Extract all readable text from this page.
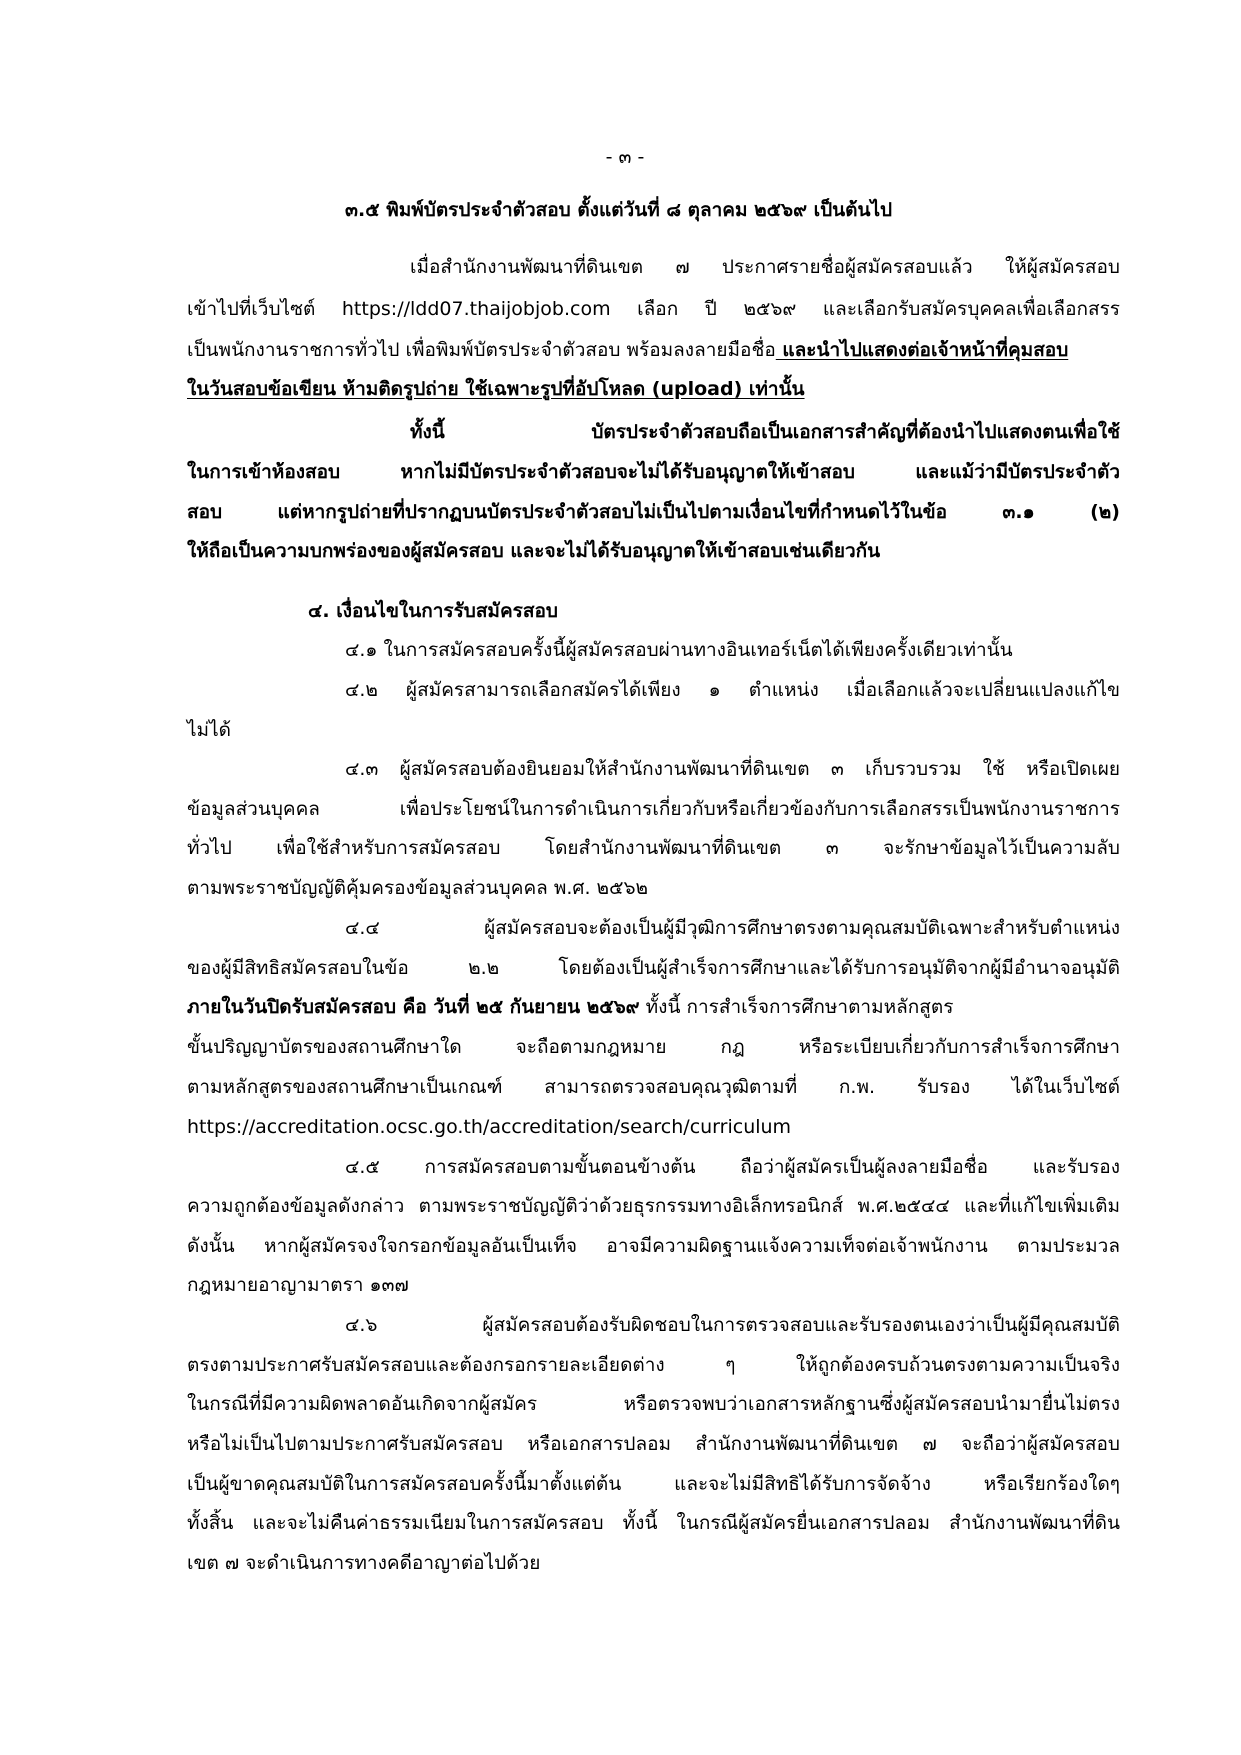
- ๓ -
๓.๕ พิมพ์บัตรประจำตัวสอบ ตั้งแต่วันที่ ๘ ตุลาคม ๒๕๖๙ เป็นต้นไป
เมื่อสำนักงานพัฒนาที่ดินเขต ๗ ประกาศรายชื่อผู้สมัครสอบแล้ว ให้ผู้สมัครสอบ
เข้าไปที่เว็บไซต์ https://ldd07.thaijobjob.com เลือก ปี ๒๕๖๙ และเลือกรับสมัครบุคคลเพื่อเลือกสรร
เป็นพนักงานราชการทั่วไป เพื่อพิมพ์บัตรประจำตัวสอบ พร้อมลงลายมือชื่อ และนำไปแสดงต่อเจ้าหน้าที่คุมสอบ
ในวันสอบข้อเขียน ห้ามติดรูปถ่าย ใช้เฉพาะรูปที่อัปโหลด (upload) เท่านั้น
ทั้งนี้ บัตรประจำตัวสอบถือเป็นเอกสารสำคัญที่ต้องนำไปแสดงตนเพื่อใช้
ในการเข้าห้องสอบ หากไม่มีบัตรประจำตัวสอบจะไม่ได้รับอนุญาตให้เข้าสอบ และแม้ว่ามีบัตรประจำตัว
สอบ แต่หากรูปถ่ายที่ปรากฏบนบัตรประจำตัวสอบไม่เป็นไปตามเงื่อนไขที่กำหนดไว้ในข้อ ๓.๑ (๒)
ให้ถือเป็นความบกพร่องของผู้สมัครสอบ และจะไม่ได้รับอนุญาตให้เข้าสอบเช่นเดียวกัน
๔. เงื่อนไขในการรับสมัครสอบ
๔.๑ ในการสมัครสอบครั้งนี้ผู้สมัครสอบผ่านทางอินเทอร์เน็ตได้เพียงครั้งเดียวเท่านั้น
๔.๒ ผู้สมัครสามารถเลือกสมัครได้เพียง ๑ ตำแหน่ง เมื่อเลือกแล้วจะเปลี่ยนแปลงแก้ไข
ไม่ได้
๔.๓ ผู้สมัครสอบต้องยินยอมให้สำนักงานพัฒนาที่ดินเขต ๓ เก็บรวบรวม ใช้ หรือเปิดเผย
ข้อมูลส่วนบุคคล เพื่อประโยชน์ในการดำเนินการเกี่ยวกับหรือเกี่ยวข้องกับการเลือกสรรเป็นพนักงานราชการ
ทั่วไป เพื่อใช้สำหรับการสมัครสอบ โดยสำนักงานพัฒนาที่ดินเขต ๓ จะรักษาข้อมูลไว้เป็นความลับ
ตามพระราชบัญญัติคุ้มครองข้อมูลส่วนบุคคล พ.ศ. ๒๕๖๒
๔.๔ ผู้สมัครสอบจะต้องเป็นผู้มีวุฒิการศึกษาตรงตามคุณสมบัติเฉพาะสำหรับตำแหน่ง
ของผู้มีสิทธิสมัครสอบในข้อ ๒.๒ โดยต้องเป็นผู้สำเร็จการศึกษาและได้รับการอนุมัติจากผู้มีอำนาจอนุมัติ
ภายในวันปิดรับสมัครสอบ คือ วันที่ ๒๕ กันยายน ๒๕๖๙ ทั้งนี้ การสำเร็จการศึกษาตามหลักสูตร
ขั้นปริญญาบัตรของสถานศึกษาใด จะถือตามกฎหมาย กฎ หรือระเบียบเกี่ยวกับการสำเร็จการศึกษา
ตามหลักสูตรของสถานศึกษาเป็นเกณฑ์ สามารถตรวจสอบคุณวุฒิตามที่ ก.พ. รับรอง ได้ในเว็บไซต์
https://accreditation.ocsc.go.th/accreditation/search/curriculum
๔.๕ การสมัครสอบตามขั้นตอนข้างต้น ถือว่าผู้สมัครเป็นผู้ลงลายมือชื่อ และรับรอง
ความถูกต้องข้อมูลดังกล่าว ตามพระราชบัญญัติว่าด้วยธุรกรรมทางอิเล็กทรอนิกส์ พ.ศ.๒๕๔๔ และที่แก้ไขเพิ่มเติม
ดังนั้น หากผู้สมัครจงใจกรอกข้อมูลอันเป็นเท็จ อาจมีความผิดฐานแจ้งความเท็จต่อเจ้าพนักงาน ตามประมวล
กฎหมายอาญามาตรา ๑๓๗
๔.๖ ผู้สมัครสอบต้องรับผิดชอบในการตรวจสอบและรับรองตนเองว่าเป็นผู้มีคุณสมบัติ
ตรงตามประกาศรับสมัครสอบและต้องกรอกรายละเอียดต่าง ๆ ให้ถูกต้องครบถ้วนตรงตามความเป็นจริง
ในกรณีที่มีความผิดพลาดอันเกิดจากผู้สมัคร หรือตรวจพบว่าเอกสารหลักฐานซึ่งผู้สมัครสอบนำมายื่นไม่ตรง
หรือไม่เป็นไปตามประกาศรับสมัครสอบ หรือเอกสารปลอม สำนักงานพัฒนาที่ดินเขต ๗ จะถือว่าผู้สมัครสอบ
เป็นผู้ขาดคุณสมบัติในการสมัครสอบครั้งนี้มาตั้งแต่ต้น และจะไม่มีสิทธิได้รับการจัดจ้าง หรือเรียกร้องใดๆ
ทั้งสิ้น และจะไม่คืนค่าธรรมเนียมในการสมัครสอบ ทั้งนี้ ในกรณีผู้สมัครยื่นเอกสารปลอม สำนักงานพัฒนาที่ดิน
เขต ๗ จะดำเนินการทางคดีอาญาต่อไปด้วย
